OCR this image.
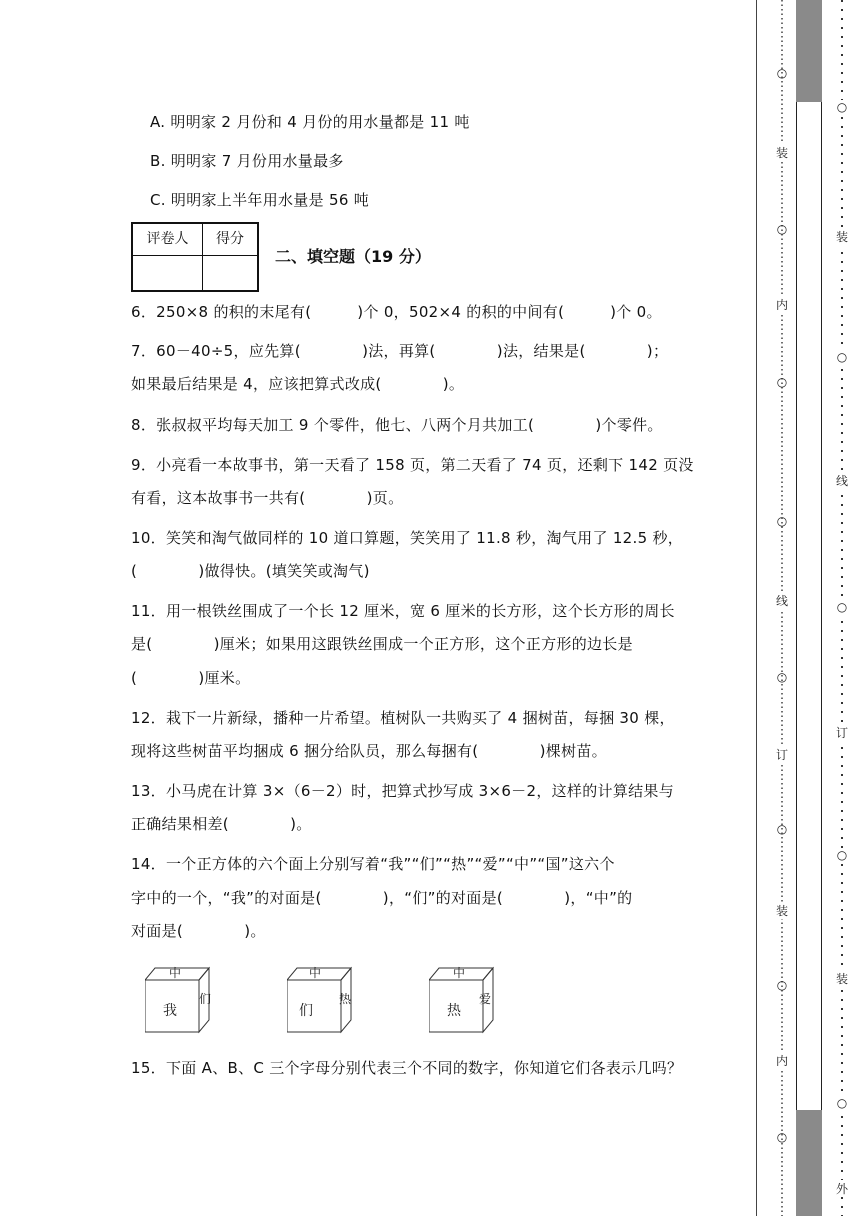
A. 明明家 2 月份和 4 月份的用水量都是 11 吨
B. 明明家 7 月份用水量最多
C. 明明家上半年用水量是 56 吨
评卷人	得分
二、填空题（19 分）
6．250×8 的积的末尾有(　　　)个 0，502×4 的积的中间有(　　　)个 0。
7．60－40÷5，应先算(　　　　)法，再算(　　　　)法，结果是(　　　　)；
如果最后结果是 4，应该把算式改成(　　　　)。
8．张叔叔平均每天加工 9 个零件，他七、八两个月共加工(　　　　)个零件。
9．小亮看一本故事书，第一天看了 158 页，第二天看了 74 页，还剩下 142 页没
有看，这本故事书一共有(　　　　)页。
10．笑笑和淘气做同样的 10 道口算题，笑笑用了 11.8 秒，淘气用了 12.5 秒，
(　　　　)做得快。(填笑笑或淘气)
11．用一根铁丝围成了一个长 12 厘米，宽 6 厘米的长方形，这个长方形的周长
是(　　　　)厘米；如果用这跟铁丝围成一个正方形，这个正方形的边长是
(　　　　)厘米。
12．栽下一片新绿，播种一片希望。植树队一共购买了 4 捆树苗，每捆 30 棵，
现将这些树苗平均捆成 6 捆分给队员，那么每捆有(　　　　)棵树苗。
13．小马虎在计算 3×（6－2）时，把算式抄写成 3×6－2，这样的计算结果与
正确结果相差(　　　　)。
14．一个正方体的六个面上分别写着“我”“们”“热”“爱”“中”“国”这六个
字中的一个，“我”的对面是(　　　　)，“们”的对面是(　　　　)，“中”的
对面是(　　　　)。
中
我
们
中
们
热
中
热
爱
15．下面 A、B、C 三个字母分别代表三个不同的数字，你知道它们各表示几吗？
○
装
○
内
○
○
线
○
订
○
装
○
内
○
○
装
○
线
○
订
○
装
○
外
